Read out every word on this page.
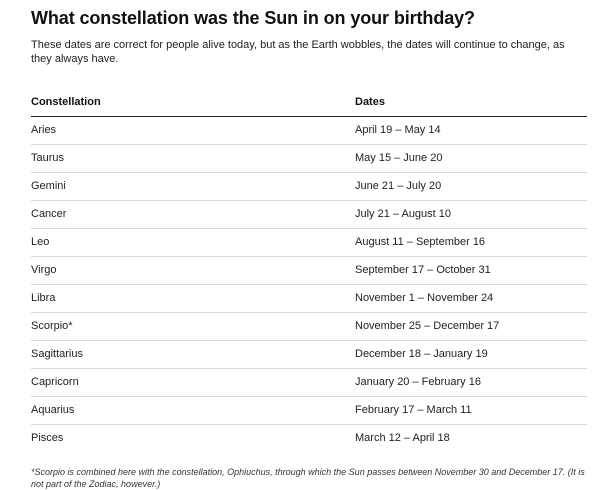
What constellation was the Sun in on your birthday?

These dates are correct for people alive today, but as the Earth wobbles, the dates will continue to change, as they always have.

Constellation	Dates
Aries	April 19 – May 14
Taurus	May 15 – June 20
Gemini	June 21 – July 20
Cancer	July 21 – August 10
Leo	August 11 – September 16
Virgo	September 17 – October 31
Libra	November 1 – November 24
Scorpio*	November 25 – December 17
Sagittarius	December 18 – January 19
Capricorn	January 20 – February 16
Aquarius	February 17 – March 11
Pisces	March 12 – April 18

*Scorpio is combined here with the constellation, Ophiuchus, through which the Sun passes between November 30 and December 17. (It is not part of the Zodiac, however.)
